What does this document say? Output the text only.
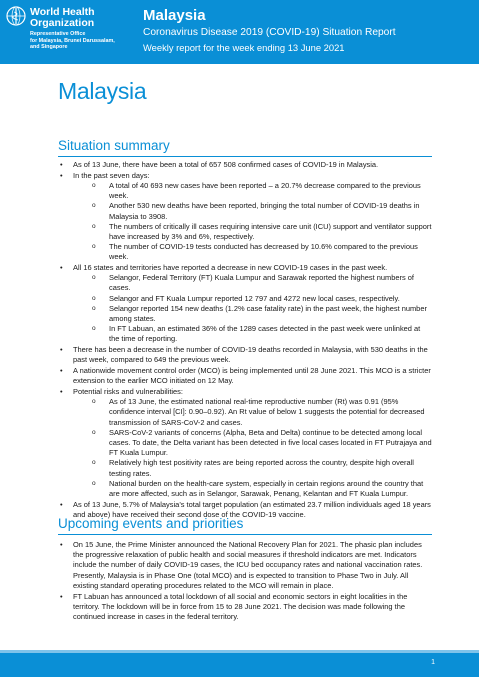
World Health
Organization
Representative Office
for Malaysia, Brunei Darussalam,
and Singapore
Malaysia
Coronavirus Disease 2019 (COVID-19) Situation Report
Weekly report for the week ending 13 June 2021
Malaysia
Situation summary
• As of 13 June, there have been a total of 657 508 confirmed cases of COVID-19 in Malaysia.
• In the past seven days:
o A total of 40 693 new cases have been reported – a 20.7% decrease compared to the previous week.
o Another 530 new deaths have been reported, bringing the total number of COVID-19 deaths in Malaysia to 3908.
o The numbers of critically ill cases requiring intensive care unit (ICU) support and ventilator support have increased by 3% and 6%, respectively.
o The number of COVID-19 tests conducted has decreased by 10.6% compared to the previous week.
• All 16 states and territories have reported a decrease in new COVID-19 cases in the past week.
o Selangor, Federal Territory (FT) Kuala Lumpur and Sarawak reported the highest numbers of cases.
o Selangor and FT Kuala Lumpur reported 12 797 and 4272 new local cases, respectively.
o Selangor reported 154 new deaths (1.2% case fatality rate) in the past week, the highest number among states.
o In FT Labuan, an estimated 36% of the 1289 cases detected in the past week were unlinked at the time of reporting.
• There has been a decrease in the number of COVID-19 deaths recorded in Malaysia, with 530 deaths in the past week, compared to 649 the previous week.
• A nationwide movement control order (MCO) is being implemented until 28 June 2021. This MCO is a stricter extension to the earlier MCO initiated on 12 May.
• Potential risks and vulnerabilities:
o As of 13 June, the estimated national real-time reproductive number (Rt) was 0.91 (95% confidence interval [CI]: 0.90–0.92). An Rt value of below 1 suggests the potential for decreased transmission of SARS-CoV-2 and cases.
o SARS-CoV-2 variants of concerns (Alpha, Beta and Delta) continue to be detected among local cases. To date, the Delta variant has been detected in five local cases located in FT Putrajaya and FT Kuala Lumpur.
o Relatively high test positivity rates are being reported across the country, despite high overall testing rates.
o National burden on the health-care system, especially in certain regions around the country that are more affected, such as in Selangor, Sarawak, Penang, Kelantan and FT Kuala Lumpur.
• As of 13 June, 5.7% of Malaysia’s total target population (an estimated 23.7 million individuals aged 18 years and above) have received their second dose of the COVID-19 vaccine.
Upcoming events and priorities
• On 15 June, the Prime Minister announced the National Recovery Plan for 2021. The phasic plan includes the progressive relaxation of public health and social measures if threshold indicators are met. Indicators include the number of daily COVID-19 cases, the ICU bed occupancy rates and national vaccination rates. Presently, Malaysia is in Phase One (total MCO) and is expected to transition to Phase Two in July. All existing standard operating procedures related to the MCO will remain in place.
• FT Labuan has announced a total lockdown of all social and economic sectors in eight localities in the territory. The lockdown will be in force from 15 to 28 June 2021. The decision was made following the continued increase in cases in the federal territory.
1
